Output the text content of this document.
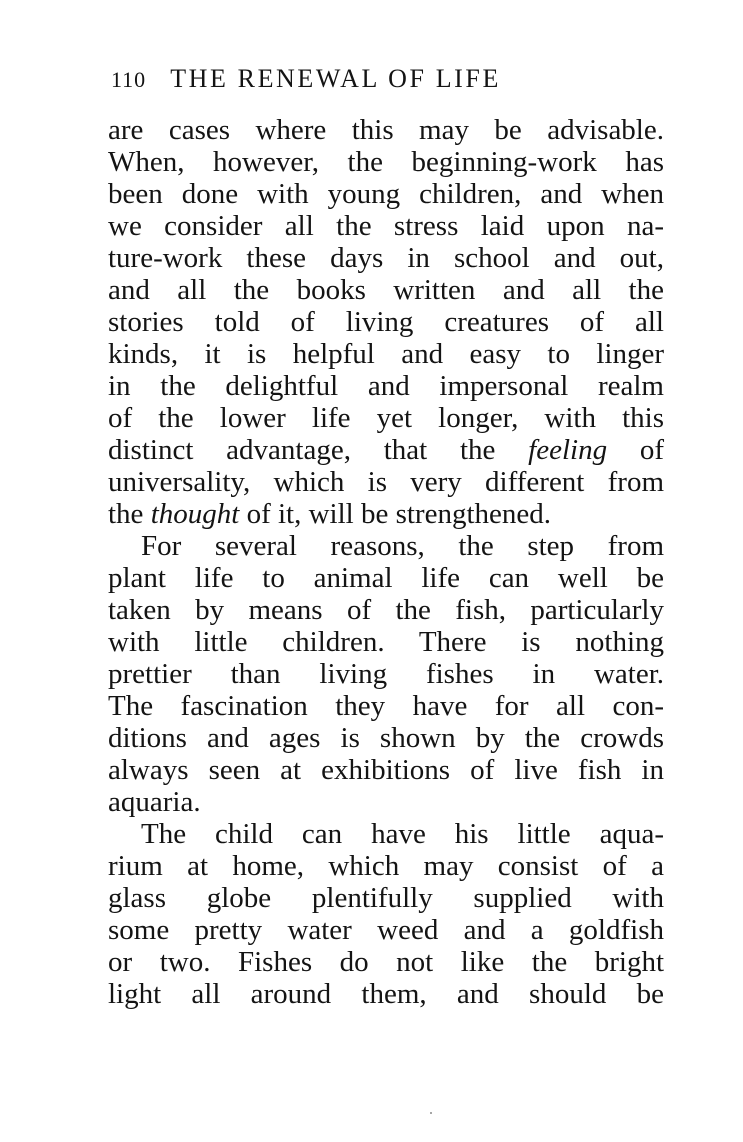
110 THE RENEWAL OF LIFE
are cases where this may be advisable.
When, however, the beginning-work has
been done with young children, and when
we consider all the stress laid upon na-
ture-work these days in school and out,
and all the books written and all the
stories told of living creatures of all
kinds, it is helpful and easy to linger
in the delightful and impersonal realm
of the lower life yet longer, with this
distinct advantage, that the feeling of
universality, which is very different from
the thought of it, will be strengthened.
For several reasons, the step from
plant life to animal life can well be
taken by means of the fish, particularly
with little children. There is nothing
prettier than living fishes in water.
The fascination they have for all con-
ditions and ages is shown by the crowds
always seen at exhibitions of live fish in
aquaria.
The child can have his little aqua-
rium at home, which may consist of a
glass globe plentifully supplied with
some pretty water weed and a goldfish
or two. Fishes do not like the bright
light all around them, and should be
